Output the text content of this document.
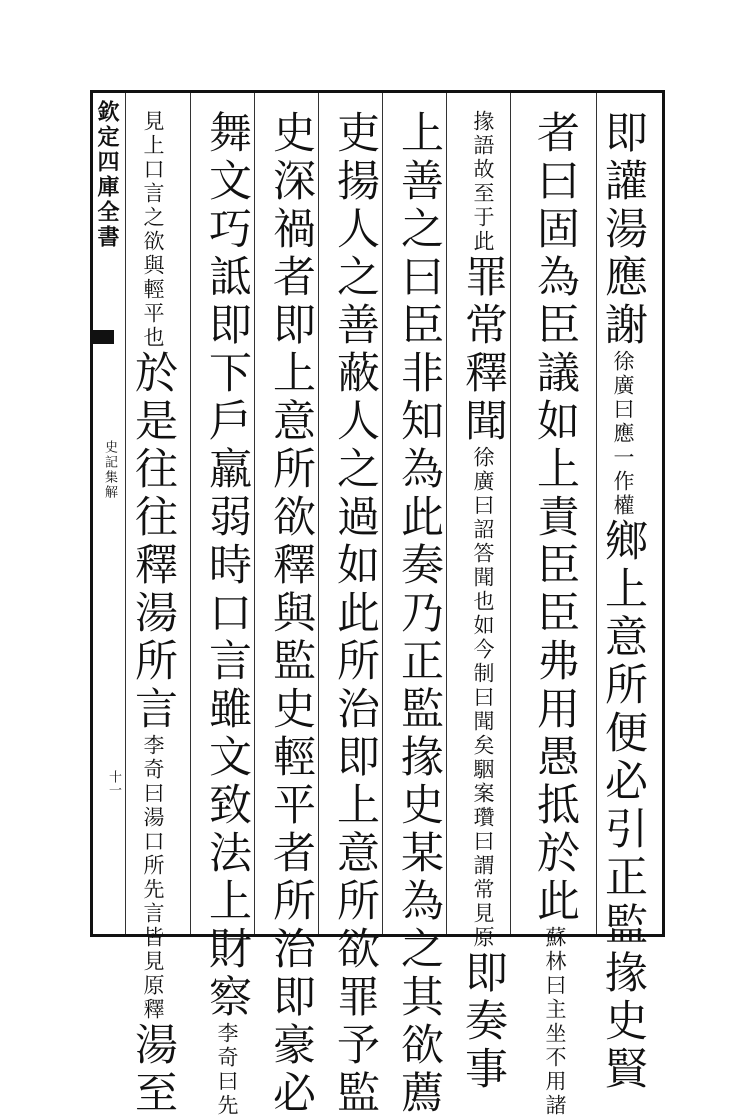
欽定四庫全書
史記集解
十一
即讙湯應謝徐廣曰應一作權鄉上意所便必引正監掾史賢
者曰固為臣議如上責臣臣弗用愚抵於此蘇林曰主坐不用諸
掾語故至于此罪常釋聞徐廣曰詔答聞也如今制曰聞矣駰案瓚曰謂常見原即奏事
上善之曰臣非知為此奏乃正監掾史某為之其欲薦
吏揚人之善蔽人之過如此所治即上意所欲罪予監
史深禍者即上意所欲釋與監史輕平者所治即豪必
舞文巧詆即下戶羸弱時口言雖文致法上財察李奇曰先
見上口言之欲與輕平也於是往往釋湯所言李奇曰湯口所先言皆見原釋湯至
